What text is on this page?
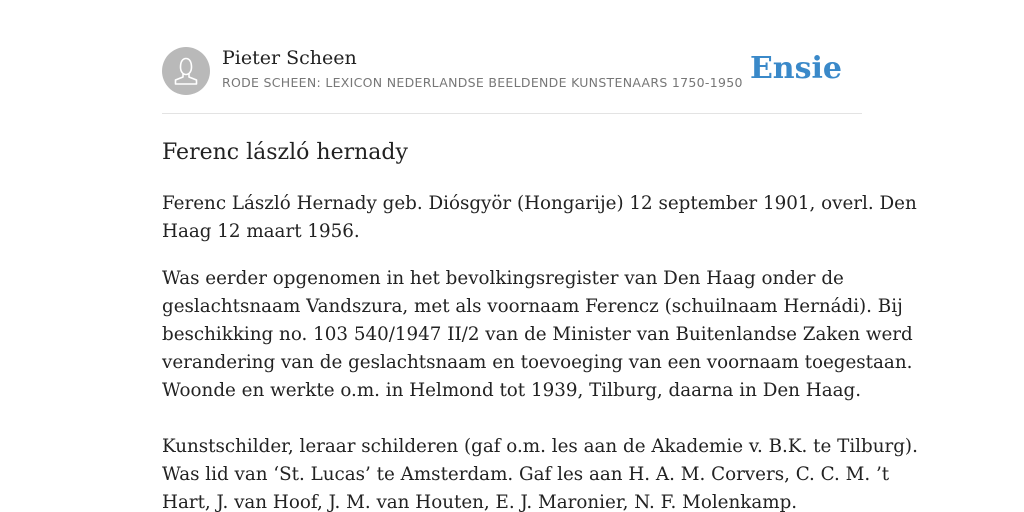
Pieter Scheen
RODE SCHEEN: LEXICON NEDERLANDSE BEELDENDE KUNSTENAARS 1750-1950 Ensie
Ferenc lászló hernady

Ferenc László Hernady geb. Diósgyör (Hongarije) 12 september 1901, overl. Den
Haag 12 maart 1956.

Was eerder opgenomen in het bevolkingsregister van Den Haag onder de
geslachtsnaam Vandszura, met als voornaam Ferencz (schuilnaam Hernádi). Bij
beschikking no. 103 540/1947 II/2 van de Minister van Buitenlandse Zaken werd
verandering van de geslachtsnaam en toevoeging van een voornaam toegestaan.
Woonde en werkte o.m. in Helmond tot 1939, Tilburg, daarna in Den Haag.

Kunstschilder, leraar schilderen (gaf o.m. les aan de Akademie v. B.K. te Tilburg).
Was lid van ‘St. Lucas’ te Amsterdam. Gaf les aan H. A. M. Corvers, C. C. M. ’t
Hart, J. van Hoof, J. M. van Houten, E. J. Maronier, N. F. Molenkamp.
